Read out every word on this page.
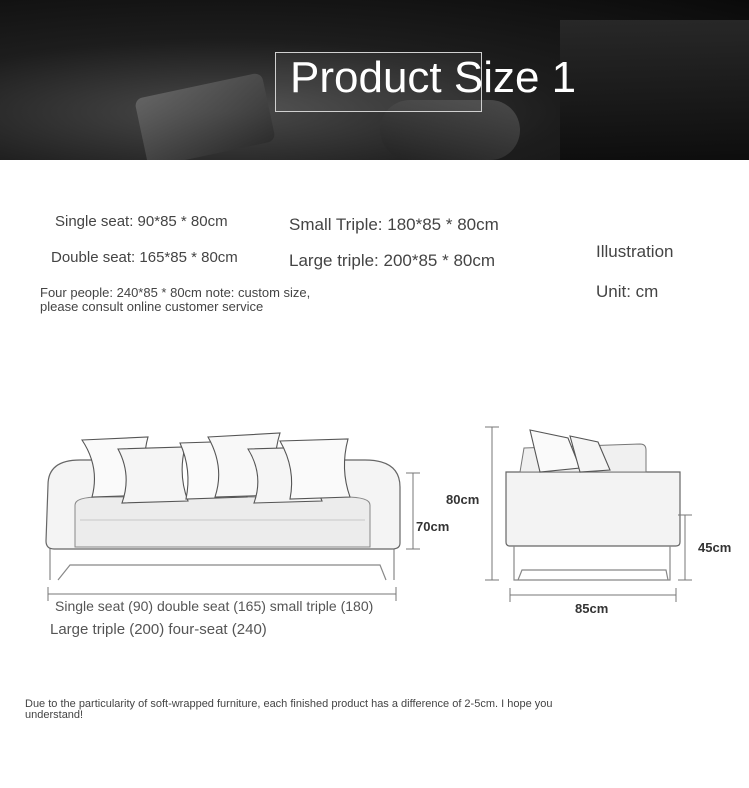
Product Size 1
Single seat: 90*85 * 80cm
Double seat: 165*85 * 80cm
Small Triple: 180*85 * 80cm
Large triple: 200*85 * 80cm
Four people: 240*85 * 80cm note: custom size, please consult online customer service
Illustration
Unit: cm
70cm
80cm
45cm
85cm
Single seat (90) double seat (165) small triple (180)
Large triple (200) four-seat (240)
Due to the particularity of soft-wrapped furniture, each finished product has a difference of 2-5cm. I hope you understand!
